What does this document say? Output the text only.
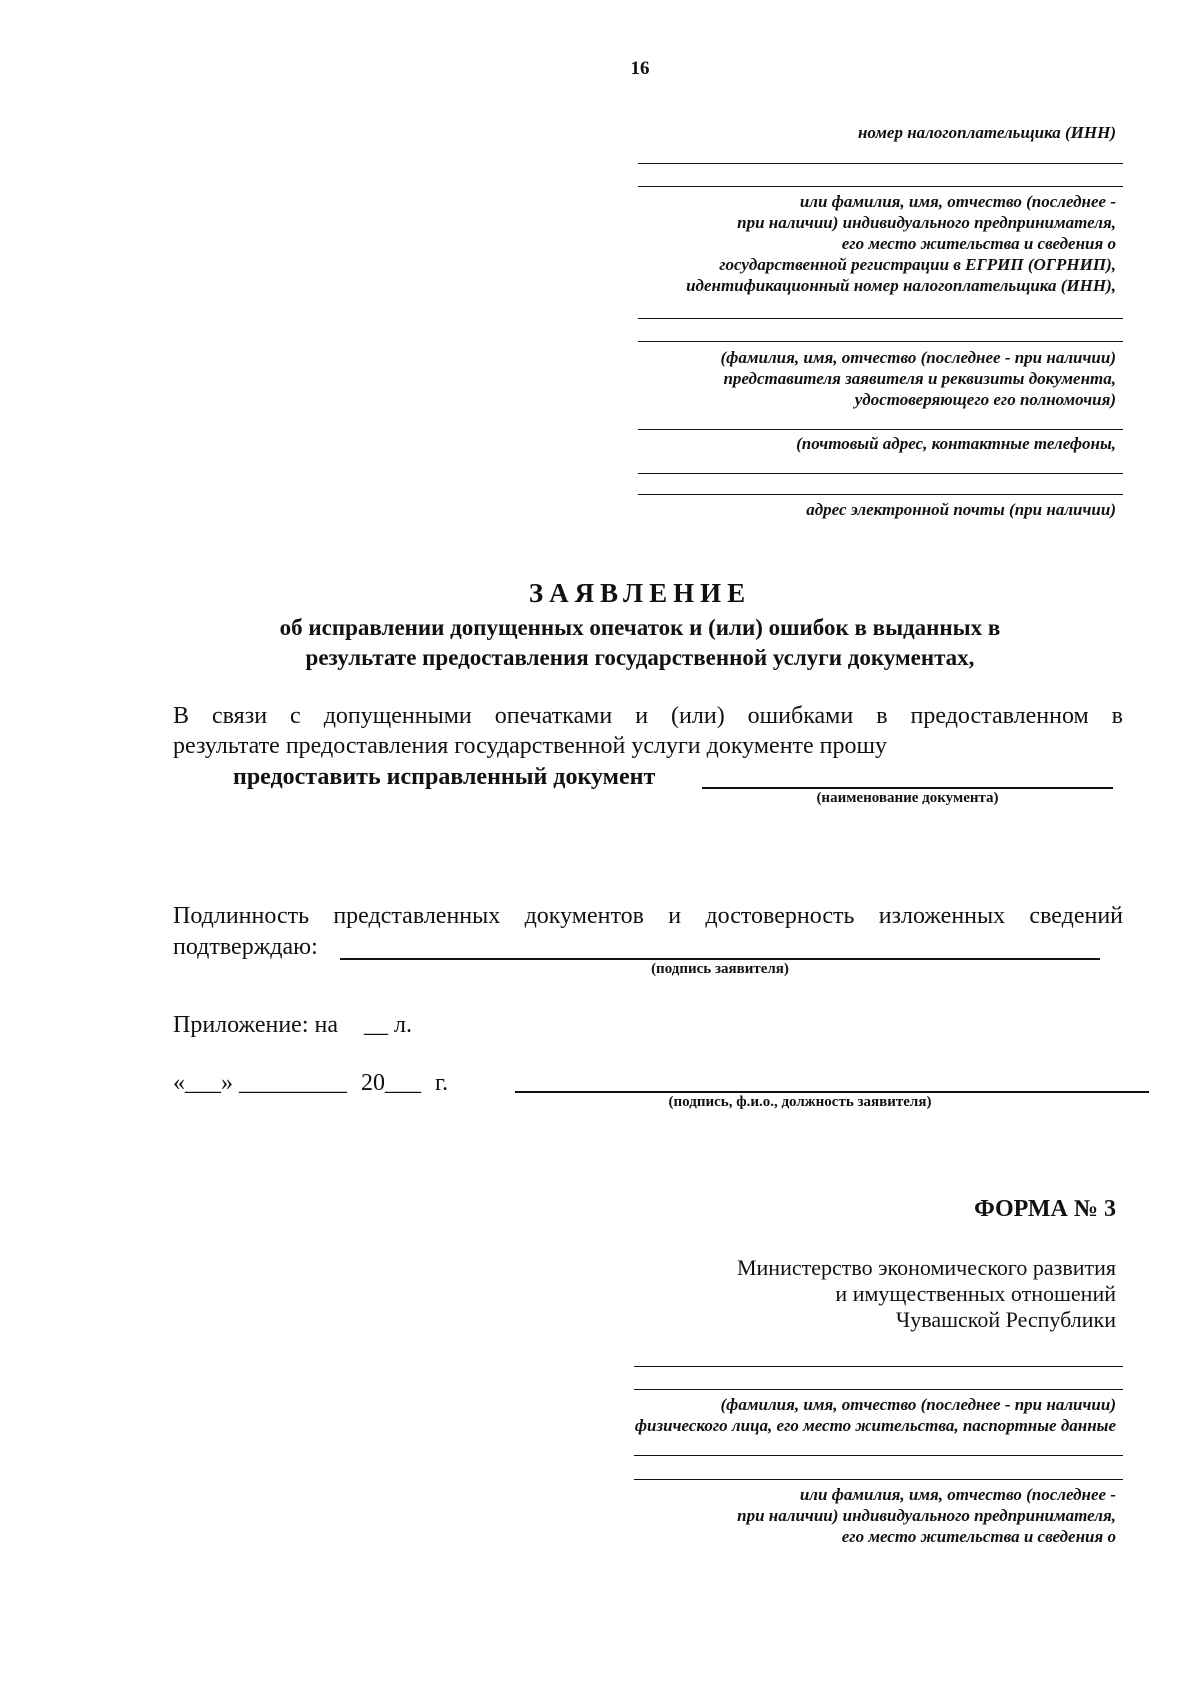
16
номер налогоплательщика (ИНН)
или фамилия, имя, отчество (последнее -
при наличии) индивидуального предпринимателя,
его место жительства и сведения о
государственной регистрации в ЕГРИП (ОГРНИП),
идентификационный номер налогоплательщика (ИНН),
(фамилия, имя, отчество (последнее - при наличии)
представителя заявителя и реквизиты документа,
удостоверяющего его полномочия)
(почтовый адрес, контактные телефоны,
адрес электронной почты (при наличии)
ЗАЯВЛЕНИЕ
об исправлении допущенных опечаток и (или) ошибок в выданных в
результате предоставления государственной услуги документах,
В связи с допущенными опечатками и (или) ошибками в предоставленном в
результате предоставления государственной услуги документе прошу
предоставить исправленный документ
(наименование документа)
Подлинность представленных документов и достоверность изложенных сведений
подтверждаю:
(подпись заявителя)
Приложение: на __ л.
«___» _________ 20___ г.
(подпись, ф.и.о., должность заявителя)
ФОРМА № 3
Министерство экономического развития
и имущественных отношений
Чувашской Республики
(фамилия, имя, отчество (последнее - при наличии)
физического лица, его место жительства, паспортные данные
или фамилия, имя, отчество (последнее -
при наличии) индивидуального предпринимателя,
его место жительства и сведения о
